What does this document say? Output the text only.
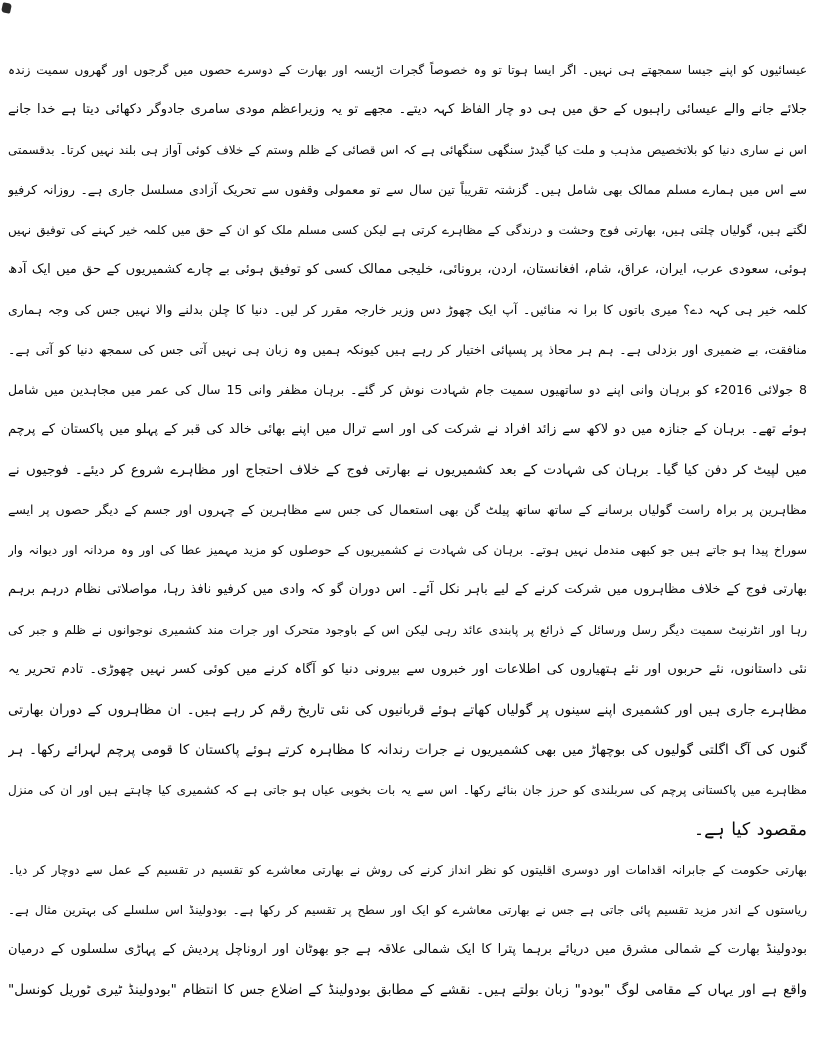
عیسائیوں کو اپنے جیسا سمجھتے ہی نہیں۔ اگر ایسا ہوتا تو وہ خصوصاً گجرات اڑیسہ اور بھارت کے دوسرے حصوں میں گرجوں اور گھروں سمیت زندہ
جلائے جانے والے عیسائی راہبوں کے حق میں ہی دو چار الفاظ کہہ دیتے۔ مجھے تو یہ وزیراعظم مودی سامری جادوگر دکھائی دیتا ہے خدا جانے
اس نے ساری دنیا کو بلاتخصیص مذہب و ملت کیا گیدڑ سنگھی سنگھائی ہے کہ اس قصائی کے ظلم وستم کے خلاف کوئی آواز ہی بلند نہیں کرتا۔ بدقسمتی
سے اس میں ہمارے مسلم ممالک بھی شامل ہیں۔ گزشتہ تقریباً تین سال سے تو معمولی وقفوں سے تحریک آزادی مسلسل جاری ہے۔ روزانہ کرفیو
لگتے ہیں، گولیاں چلتی ہیں، بھارتی فوج وحشت و درندگی کے مظاہرے کرتی ہے لیکن کسی مسلم ملک کو ان کے حق میں کلمہ خیر کہنے کی توفیق نہیں
ہوئی، سعودی عرب، ایران، عراق، شام، افغانستان، اردن، برونائی، خلیجی ممالک کسی کو توفیق ہوئی بے چارے کشمیریوں کے حق میں ایک آدھ
کلمہ خیر ہی کہہ دے؟ میری باتوں کا برا نہ منائیں۔ آپ ایک چھوڑ دس وزیر خارجہ مقرر کر لیں۔ دنیا کا چلن بدلنے والا نہیں جس کی وجہ ہماری
منافقت، بے ضمیری اور بزدلی ہے۔ ہم ہر محاذ پر پسپائی اختیار کر رہے ہیں کیونکہ ہمیں وہ زبان ہی نہیں آتی جس کی سمجھ دنیا کو آتی ہے۔
8 جولائی 2016ء کو برہان وانی اپنے دو ساتھیوں سمیت جام شہادت نوش کر گئے۔ برہان مظفر وانی 15 سال کی عمر میں مجاہدین میں شامل
ہوئے تھے۔ برہان کے جنازہ میں دو لاکھ سے زائد افراد نے شرکت کی اور اسے ترال میں اپنے بھائی خالد کی قبر کے پہلو میں پاکستان کے پرچم
میں لپیٹ کر دفن کیا گیا۔ برہان کی شہادت کے بعد کشمیریوں نے بھارتی فوج کے خلاف احتجاج اور مظاہرے شروع کر دیئے۔ فوجیوں نے
مظاہرین پر براہ راست گولیاں برسانے کے ساتھ ساتھ پیلٹ گن بھی استعمال کی جس سے مظاہرین کے چہروں اور جسم کے دیگر حصوں پر ایسے
سوراخ پیدا ہو جاتے ہیں جو کبھی مندمل نہیں ہوتے۔ برہان کی شہادت نے کشمیریوں کے حوصلوں کو مزید مہمیز عطا کی اور وہ مردانہ اور دیوانہ وار
بھارتی فوج کے خلاف مظاہروں میں شرکت کرنے کے لیے باہر نکل آئے۔ اس دوران گو کہ وادی میں کرفیو نافذ رہا، مواصلاتی نظام درہم برہم
رہا اور انٹرنیٹ سمیت دیگر رسل ورسائل کے ذرائع پر پابندی عائد رہی لیکن اس کے باوجود متحرک اور جرات مند کشمیری نوجوانوں نے ظلم و جبر کی
نئی داستانوں، نئے حربوں اور نئے ہتھیاروں کی اطلاعات اور خبروں سے بیرونی دنیا کو آگاہ کرنے میں کوئی کسر نہیں چھوڑی۔ تادم تحریر یہ
مظاہرے جاری ہیں اور کشمیری اپنے سینوں پر گولیاں کھاتے ہوئے قربانیوں کی نئی تاریخ رقم کر رہے ہیں۔ ان مظاہروں کے دوران بھارتی
گنوں کی آگ اگلتی گولیوں کی بوچھاڑ میں بھی کشمیریوں نے جرات رندانہ کا مظاہرہ کرتے ہوئے پاکستان کا قومی پرچم لہرائے رکھا۔ ہر
مظاہرے میں پاکستانی پرچم کی سربلندی کو حرز جان بنائے رکھا۔ اس سے یہ بات بخوبی عیاں ہو جاتی ہے کہ کشمیری کیا چاہتے ہیں اور ان کی منزل
مقصود کیا ہے۔
بھارتی حکومت کے جابرانہ اقدامات اور دوسری اقلیتوں کو نظر انداز کرنے کی روش نے بھارتی معاشرے کو تقسیم در تقسیم کے عمل سے دوچار کر دیا۔
ریاستوں کے اندر مزید تقسیم پائی جاتی ہے جس نے بھارتی معاشرے کو ایک اور سطح پر تقسیم کر رکھا ہے۔ بودولینڈ اس سلسلے کی بہترین مثال ہے۔
بودولینڈ بھارت کے شمالی مشرق میں دریائے برہما پترا کا ایک شمالی علاقہ ہے جو بھوٹان اور اروناچل پردیش کے پہاڑی سلسلوں کے درمیان
واقع ہے اور یہاں کے مقامی لوگ "بودو" زبان بولتے ہیں۔ نقشے کے مطابق بودولینڈ کے اضلاع جس کا انتظام "بودولینڈ ٹیری ٹوریل کونسل"
